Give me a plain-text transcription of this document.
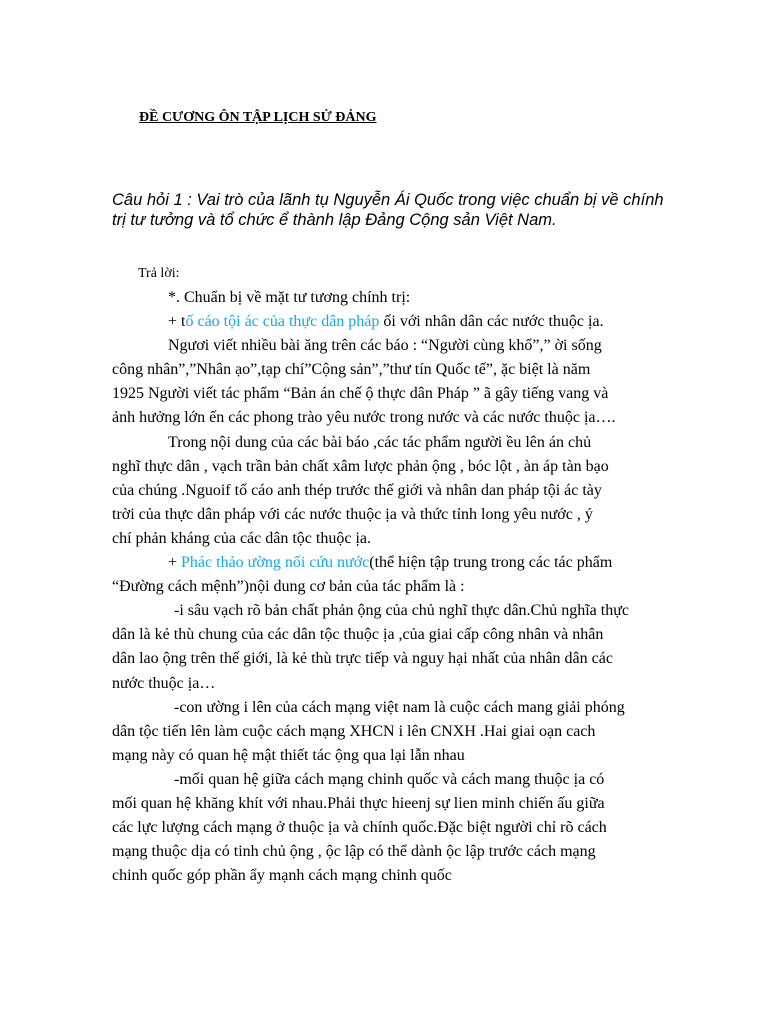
ĐỀ CƯƠNG ÔN TẬP LỊCH SỬ ĐẢNG
Câu hỏi 1 : Vai trò của lãnh tụ Nguyễn Ái Quốc trong việc chuẩn bị về chính trị tư tưởng và tổ chức ể thành lập Đảng Cộng sản Việt Nam.
Trả lời:
*. Chuẩn bị về mặt tư tương chính trị:
+ tố cáo tội ác của thực dân pháp ối với nhân dân các nước thuộc ịa.
Ngươi viết nhiều bài ăng trên các báo : “Người cùng khổ”,” ời sống
công nhân”,”Nhân ạo”,tạp chí”Cộng sản”,”thư tín Quốc tế”, ặc biệt là năm
1925 Người viết tác phẩm “Bản án chế ộ thực dân Pháp ” ã gây tiếng vang và
ảnh hưởng lớn ến các phong trào yêu nước trong nước và các nước thuộc ịa….
Trong nội dung của các bài báo ,các tác phẩm người ều lên án chủ
nghĩ thực dân , vạch trần bản chất xâm lược phản ộng , bóc lột , àn áp tàn bạo
của chúng .Nguoif tố cáo anh thép trước thế giới và nhân dan pháp tội ác tày
trời của thực dân pháp với các nước thuộc ịa và thức tỉnh long yêu nước , ý
chí phản kháng của các dân tộc thuộc ịa.
+ Phác thảo ường nối cứu nước(thể hiện tập trung trong các tác phẩm
“Đường cách mệnh”)nội dung cơ bản của tác phẩm là :
-i sâu vạch rõ bản chất phản ộng của chủ nghĩ thực dân.Chủ nghĩa thực
dân là kẻ thù chung của các dân tộc thuộc ịa ,của giai cấp công nhân và nhân
dân lao ộng trên thế giới, là kẻ thù trực tiếp và nguy hại nhất của nhân dân các
nước thuộc ịa…
-con ường i lên của cách mạng việt nam là cuộc cách mang giải phóng
dân tộc tiến lên làm cuộc cách mạng XHCN i lên CNXH .Hai giai oạn cach
mạng này có quan hệ mật thiết tác ộng qua lại lẫn nhau
-mối quan hệ giữa cách mạng chinh quốc và cách mang thuộc ịa có
mối quan hệ khăng khít với nhau.Phải thực hieenj sự lien minh chiến ấu giữa
các lực lượng cách mạng ở thuộc ịa và chính quốc.Đặc biệt người chỉ rõ cách
mạng thuộc dịa có tinh chủ ộng , ộc lập có thể dành ộc lập trước cách mạng
chinh quốc góp phần ẩy mạnh cách mạng chinh quốc
